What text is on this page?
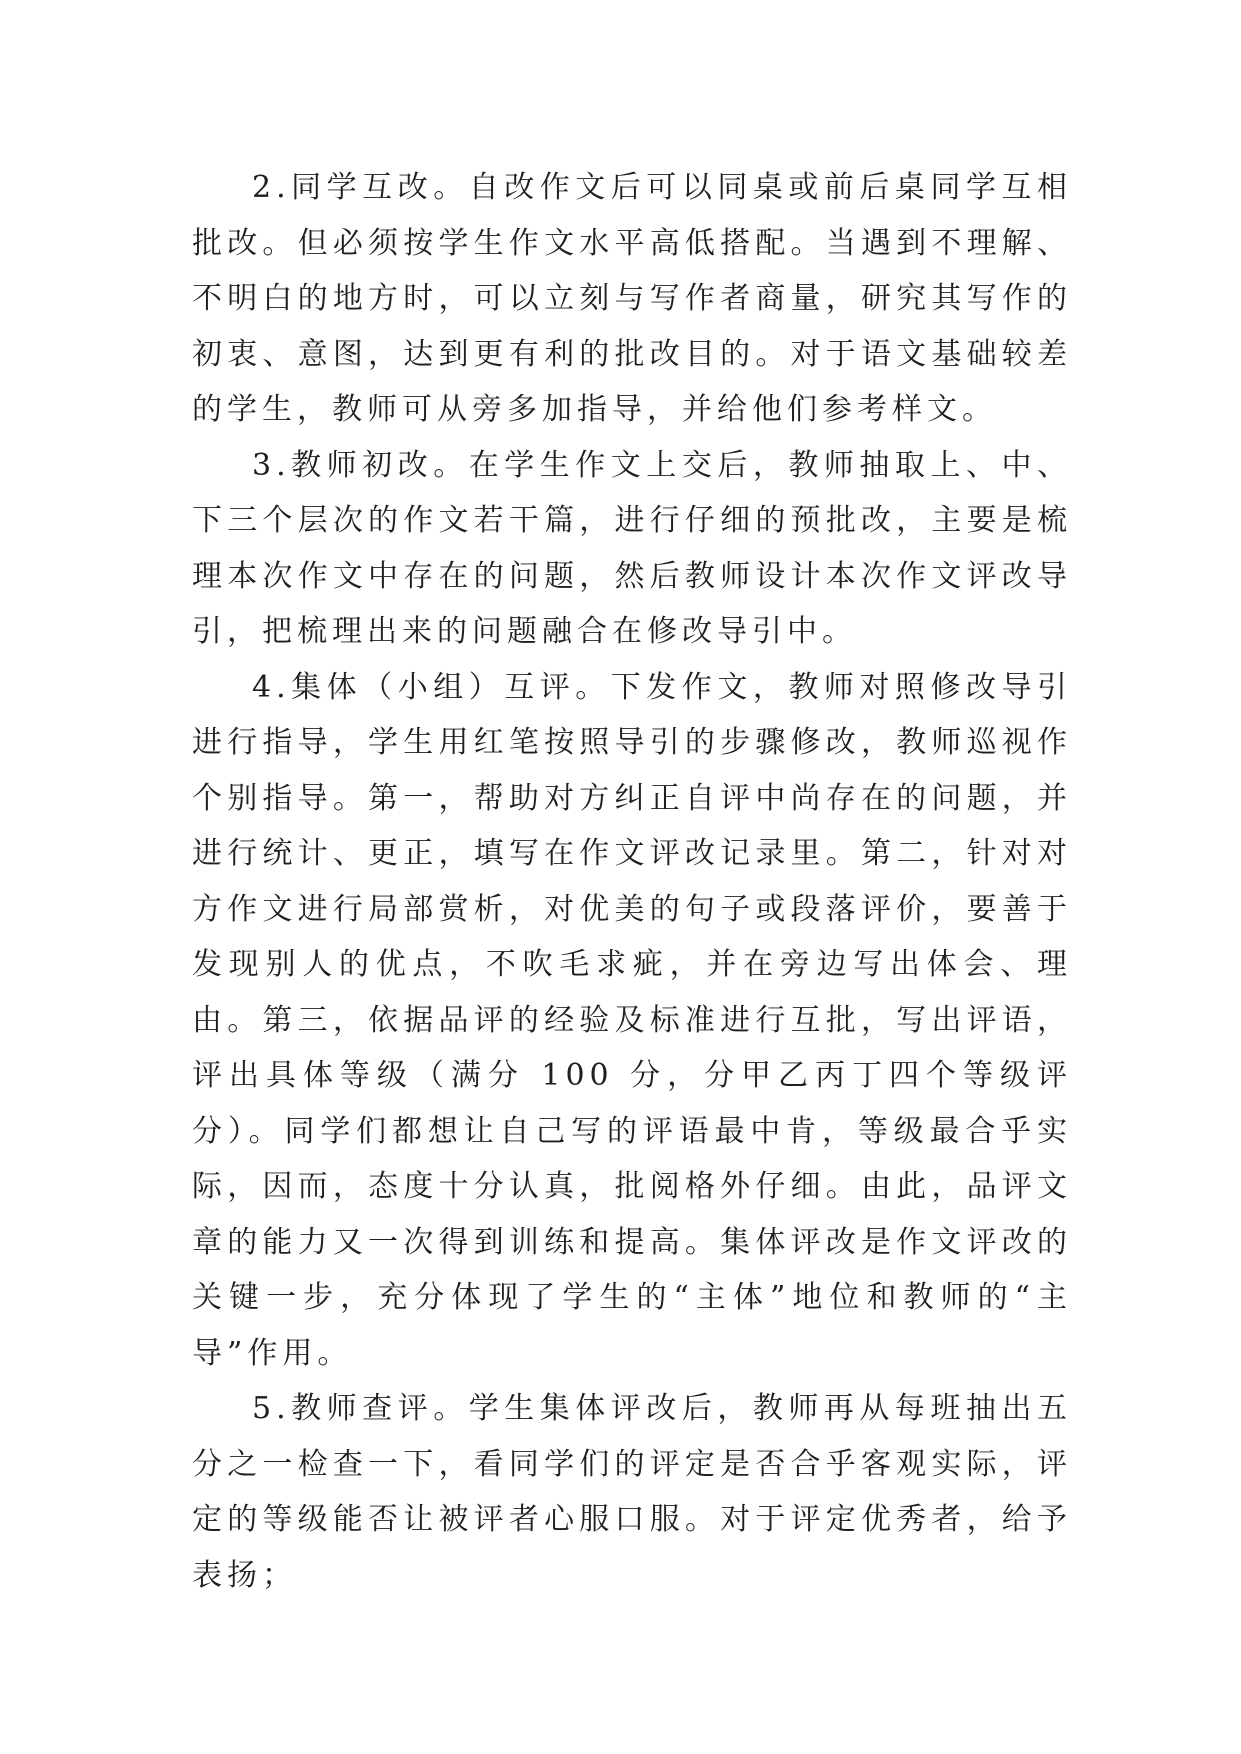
2.同学互改。自改作文后可以同桌或前后桌同学互相批改。但必须按学生作文水平高低搭配。当遇到不理解、不明白的地方时，可以立刻与写作者商量，研究其写作的初衷、意图，达到更有利的批改目的。对于语文基础较差的学生，教师可从旁多加指导，并给他们参考样文。

3.教师初改。在学生作文上交后，教师抽取上、中、下三个层次的作文若干篇，进行仔细的预批改，主要是梳理本次作文中存在的问题，然后教师设计本次作文评改导引，把梳理出来的问题融合在修改导引中。

4.集体（小组）互评。下发作文，教师对照修改导引进行指导，学生用红笔按照导引的步骤修改，教师巡视作个别指导。第一，帮助对方纠正自评中尚存在的问题，并进行统计、更正，填写在作文评改记录里。第二，针对对方作文进行局部赏析，对优美的句子或段落评价，要善于发现别人的优点，不吹毛求疵，并在旁边写出体会、理由。第三，依据品评的经验及标准进行互批，写出评语，评出具体等级（满分 100 分，分甲乙丙丁四个等级评分）。同学们都想让自己写的评语最中肯，等级最合乎实际，因而，态度十分认真，批阅格外仔细。由此，品评文章的能力又一次得到训练和提高。集体评改是作文评改的关键一步，充分体现了学生的“主体”地位和教师的“主导”作用。

5.教师查评。学生集体评改后，教师再从每班抽出五分之一检查一下，看同学们的评定是否合乎客观实际，评定的等级能否让被评者心服口服。对于评定优秀者，给予表扬；
